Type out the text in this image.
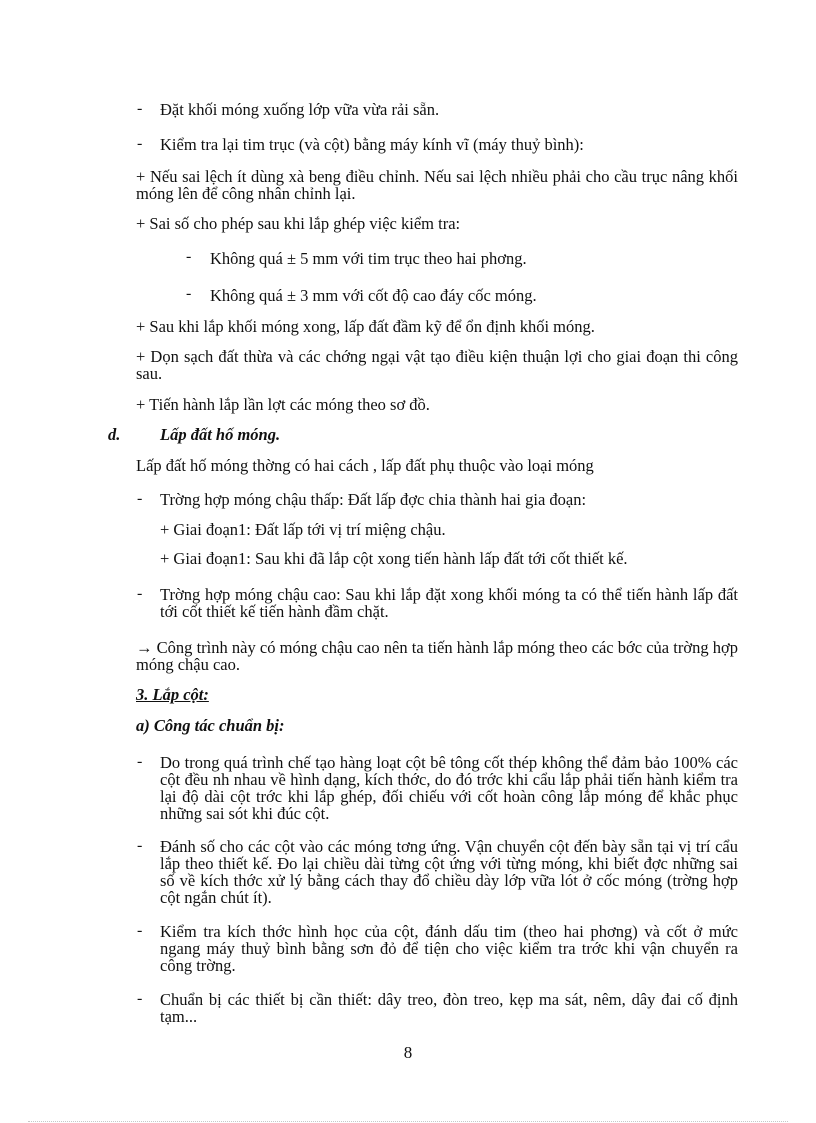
- Đặt khối móng xuống lớp vữa vừa rải sẵn.
- Kiểm tra lại tim trục (và cột) bằng máy kính vĩ (máy thuỷ bình):
+ Nếu sai lệch ít dùng xà beng điều chỉnh. Nếu sai lệch nhiều phải cho cầu trục nâng khối móng lên để công nhân chỉnh lại.
+ Sai số cho phép sau khi lắp ghép việc kiểm tra:
- Không quá ± 5 mm với tim trục theo hai phơng.
- Không quá ± 3 mm với cốt độ cao đáy cốc móng.
+ Sau khi lắp khối móng xong, lấp đất đầm kỹ để ổn định khối móng.
+ Dọn sạch đất thừa và các chớng ngại vật tạo điều kiện thuận lợi cho giai đoạn thi công sau.
+ Tiến hành lắp lần lợt các móng theo sơ đồ.
d. Lấp đất hố móng.
Lấp đất hố móng thờng có hai cách , lấp đất phụ thuộc vào loại móng
- Trờng hợp móng chậu thấp: Đất lấp đợc chia thành hai gia đoạn:
+ Giai đoạn1: Đất lấp tới vị trí miệng chậu.
+ Giai đoạn1: Sau khi đã lắp cột xong tiến hành lấp đất tới cốt thiết kế.
- Trờng hợp móng chậu cao: Sau khi lắp đặt xong khối móng ta có thể tiến hành lấp đất tới cốt thiết kế tiến hành đầm chặt.
→ Công trình này có móng chậu cao nên ta tiến hành lắp móng theo các bớc của trờng hợp móng chậu cao.
3. Lắp cột:
a) Công tác chuẩn bị:
- Do trong quá trình chế tạo hàng loạt cột bê tông cốt thép không thể đảm bảo 100% các cột đều nh nhau về hình dạng, kích thớc, do đó trớc khi cẩu lắp phải tiến hành kiểm tra lại độ dài cột trớc khi lắp ghép, đối chiếu với cốt hoàn công lắp móng để khắc phục những sai sót khi đúc cột.
- Đánh số cho các cột vào các móng tơng ứng. Vận chuyển cột đến bày sẵn tại vị trí cẩu lắp theo thiết kế. Đo lại chiều dài từng cột ứng với từng móng, khi biết đợc những sai số về kích thớc xử lý bằng cách thay đổ chiều dày lớp vữa lót ở cốc móng (trờng hợp cột ngắn chút ít).
- Kiểm tra kích thớc hình học của cột, đánh dấu tim (theo hai phơng) và cốt ở mức ngang máy thuỷ bình bằng sơn đỏ để tiện cho việc kiểm tra trớc khi vận chuyển ra công trờng.
- Chuẩn bị các thiết bị cần thiết: dây treo, đòn treo, kẹp ma sát, nêm, dây đai cố định tạm...
8
